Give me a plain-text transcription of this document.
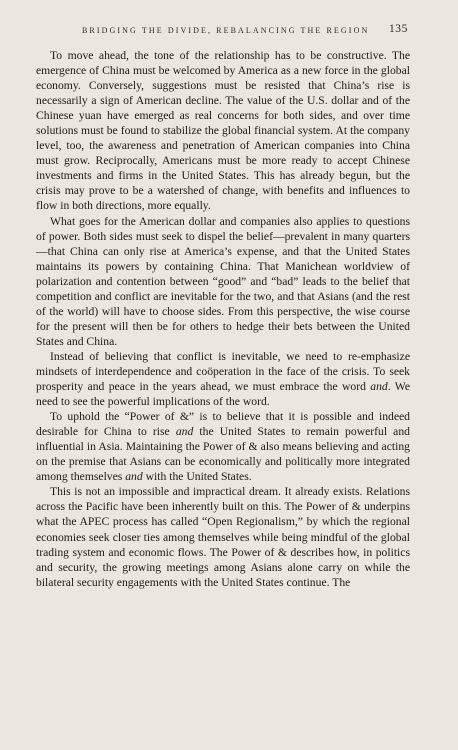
BRIDGING THE DIVIDE, REBALANCING THE REGION 135

To move ahead, the tone of the relationship has to be constructive. The emergence of China must be welcomed by America as a new force in the global economy. Conversely, suggestions must be resisted that China’s rise is necessarily a sign of American decline. The value of the U.S. dollar and of the Chinese yuan have emerged as real concerns for both sides, and over time solutions must be found to stabilize the global financial system. At the company level, too, the awareness and penetration of American companies into China must grow. Reciprocally, Americans must be more ready to accept Chinese investments and firms in the United States. This has already begun, but the crisis may prove to be a watershed of change, with benefits and influences to flow in both directions, more equally.

What goes for the American dollar and companies also applies to questions of power. Both sides must seek to dispel the belief—prevalent in many quarters—that China can only rise at America’s expense, and that the United States maintains its powers by containing China. That Manichean worldview of polarization and contention between “good” and “bad” leads to the belief that competition and conflict are inevitable for the two, and that Asians (and the rest of the world) will have to choose sides. From this perspective, the wise course for the present will then be for others to hedge their bets between the United States and China.

Instead of believing that conflict is inevitable, we need to re-emphasize mindsets of interdependence and coöperation in the face of the crisis. To seek prosperity and peace in the years ahead, we must embrace the word and. We need to see the powerful implications of the word.

To uphold the “Power of &” is to believe that it is possible and indeed desirable for China to rise and the United States to remain powerful and influential in Asia. Maintaining the Power of & also means believing and acting on the premise that Asians can be economically and politically more integrated among themselves and with the United States.

This is not an impossible and impractical dream. It already exists. Relations across the Pacific have been inherently built on this. The Power of & underpins what the APEC process has called “Open Regionalism,” by which the regional economies seek closer ties among themselves while being mindful of the global trading system and economic flows. The Power of & describes how, in politics and security, the growing meetings among Asians alone carry on while the bilateral security engagements with the United States continue. The
